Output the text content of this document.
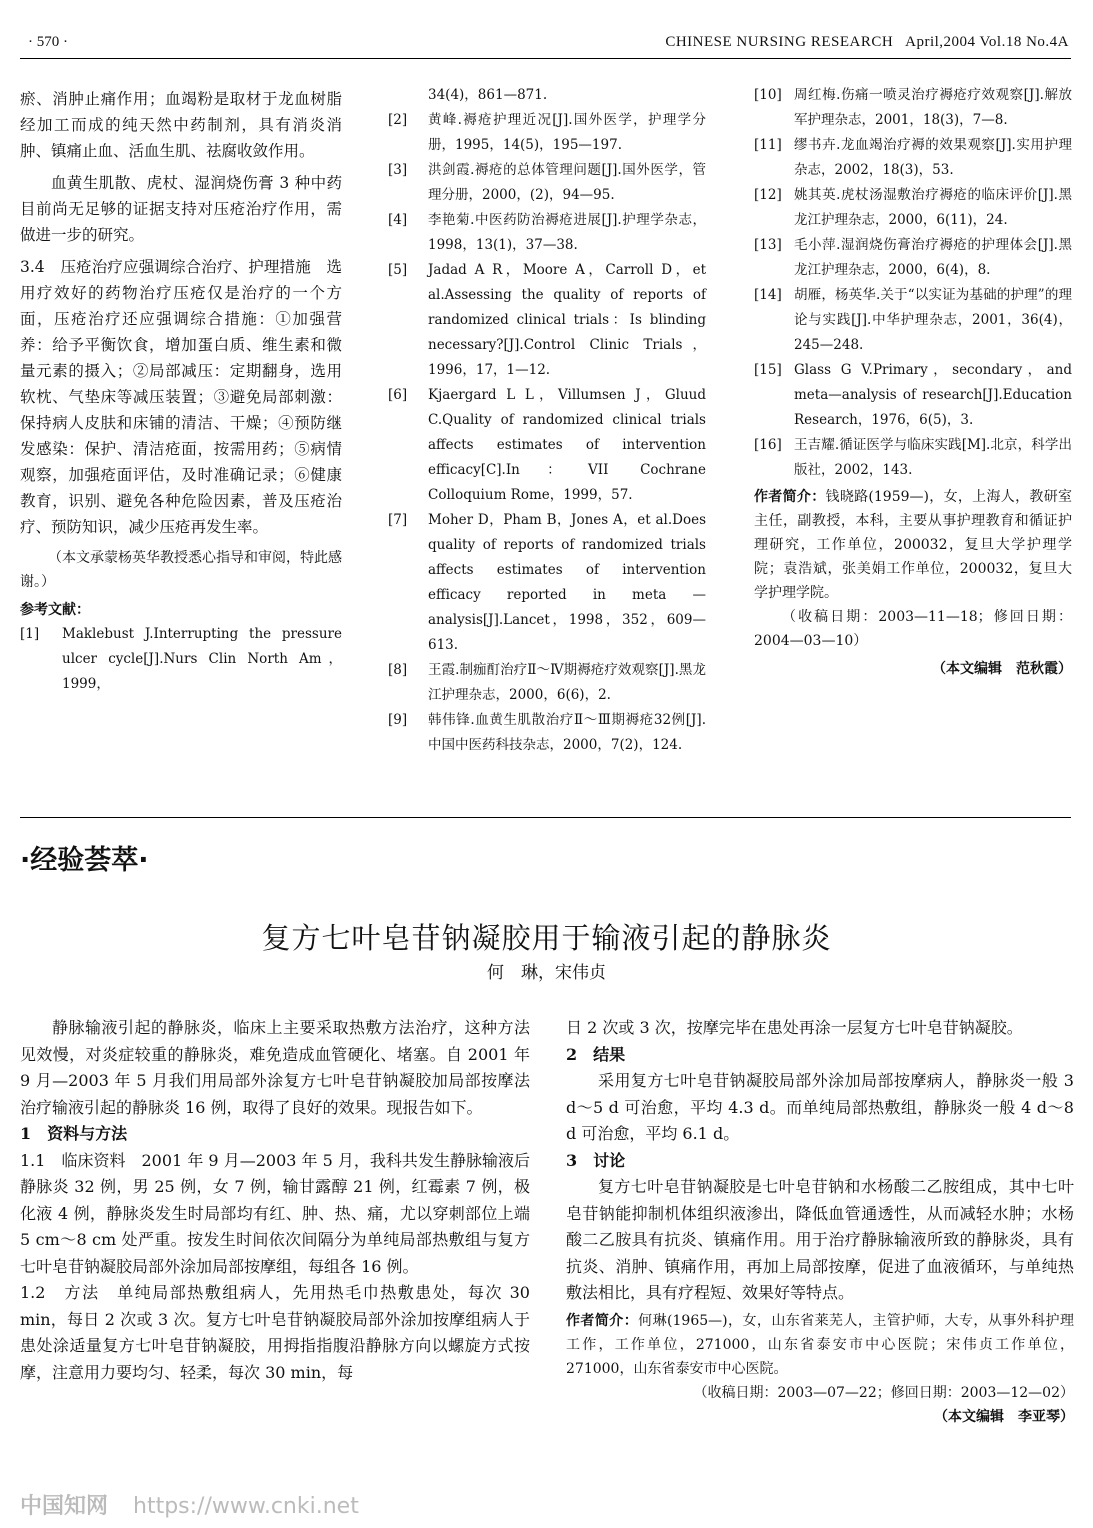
· 570 ·	CHINESE NURSING RESEARCH April,2004 Vol.18 No.4A

瘀、消肿止痛作用；血竭粉是取材于龙血树脂经加工而成的纯天然中药制剂，具有消炎消肿、镇痛止血、活血生肌、祛腐收敛作用。

血黄生肌散、虎杖、湿润烧伤膏 3 种中药目前尚无足够的证据支持对压疮治疗作用，需做进一步的研究。

3.4　压疮治疗应强调综合治疗、护理措施　选用疗效好的药物治疗压疮仅是治疗的一个方面，压疮治疗还应强调综合措施：①加强营养：给予平衡饮食，增加蛋白质、维生素和微量元素的摄入；②局部减压：定期翻身，选用软枕、气垫床等减压装置；③避免局部刺激：保持病人皮肤和床铺的清洁、干燥；④预防继发感染：保护、清洁疮面，按需用药；⑤病情观察，加强疮面评估，及时准确记录；⑥健康教育，识别、避免各种危险因素，普及压疮治疗、预防知识，减少压疮再发生率。

（本文承蒙杨英华教授悉心指导和审阅，特此感谢。）

参考文献：

[1] Maklebust J.Interrupting the pressure ulcer cycle[J].Nurs Clin North Am，1999，
34(4)，861—871.
[2] 黄峰.褥疮护理近况[J].国外医学，护理学分册，1995，14(5)，195—197.
[3] 洪剑霞.褥疮的总体管理问题[J].国外医学，管理分册，2000，(2)，94—95.
[4] 李艳菊.中医药防治褥疮进展[J].护理学杂志，1998，13(1)，37—38.
[5] Jadad A R，Moore A，Carroll D，et al.Assessing the quality of reports of randomized clinical trials：Is blinding necessary?[J].Control Clinic Trials，1996，17，1—12.
[6] Kjaergard L L，Villumsen J，Gluud C.Quality of randomized clinical trials affects estimates of intervention efficacy[C].In：VII Cochrane Colloquium Rome，1999，57.
[7] Moher D，Pham B，Jones A，et al.Does quality of reports of randomized trials affects estimates of intervention efficacy reported in meta — analysis[J].Lancet，1998，352，609—613.
[8] 王霞.制痂酊治疗Ⅱ～Ⅳ期褥疮疗效观察[J].黑龙江护理杂志，2000，6(6)，2.
[9] 韩伟锋.血黄生肌散治疗Ⅱ～Ⅲ期褥疮32例[J].中国中医药科技杂志，2000，7(2)，124.
[10] 周红梅.伤痛一喷灵治疗褥疮疗效观察[J].解放军护理杂志，2001，18(3)，7—8.
[11] 缪书卉.龙血竭治疗褥的效果观察[J].实用护理杂志，2002，18(3)，53.
[12] 姚其英.虎杖汤湿敷治疗褥疮的临床评价[J].黑龙江护理杂志，2000，6(11)，24.
[13] 毛小萍.湿润烧伤膏治疗褥疮的护理体会[J].黑龙江护理杂志，2000，6(4)，8.
[14] 胡雁，杨英华.关于“以实证为基础的护理”的理论与实践[J].中华护理杂志，2001，36(4)，245—248.
[15] Glass G V.Primary，secondary，and meta—analysis of research[J].Education Research，1976，6(5)，3.
[16] 王吉耀.循证医学与临床实践[M].北京，科学出版社，2002，143.

作者简介：钱晓路(1959—)，女，上海人，教研室主任，副教授，本科，主要从事护理教育和循证护理研究，工作单位，200032，复旦大学护理学院；袁浩斌，张美娟工作单位，200032，复旦大学护理学院。

（收稿日期：2003—11—18；修回日期：2004—03—10）

（本文编辑　范秋霞）

·经验荟萃·
复方七叶皂苷钠凝胶用于输液引起的静脉炎
何　琳，宋伟贞

静脉输液引起的静脉炎，临床上主要采取热敷方法治疗，这种方法见效慢，对炎症较重的静脉炎，难免造成血管硬化、堵塞。自 2001 年 9 月—2003 年 5 月我们用局部外涂复方七叶皂苷钠凝胶加局部按摩法治疗输液引起的静脉炎 16 例，取得了良好的效果。现报告如下。

1　资料与方法

1.1　临床资料　2001 年 9 月—2003 年 5 月，我科共发生静脉输液后静脉炎 32 例，男 25 例，女 7 例，输甘露醇 21 例，红霉素 7 例，极化液 4 例，静脉炎发生时局部均有红、肿、热、痛，尤以穿刺部位上端 5 cm～8 cm 处严重。按发生时间依次间隔分为单纯局部热敷组与复方七叶皂苷钠凝胶局部外涂加局部按摩组，每组各 16 例。

1.2　方法　单纯局部热敷组病人，先用热毛巾热敷患处，每次 30 min，每日 2 次或 3 次。复方七叶皂苷钠凝胶局部外涂加按摩组病人于患处涂适量复方七叶皂苷钠凝胶，用拇指指腹沿静脉方向以螺旋方式按摩，注意用力要均匀、轻柔，每次 30 min，每

日 2 次或 3 次，按摩完毕在患处再涂一层复方七叶皂苷钠凝胶。

2　结果

采用复方七叶皂苷钠凝胶局部外涂加局部按摩病人，静脉炎一般 3 d～5 d 可治愈，平均 4.3 d。而单纯局部热敷组，静脉炎一般 4 d～8 d 可治愈，平均 6.1 d。

3　讨论

复方七叶皂苷钠凝胶是七叶皂苷钠和水杨酸二乙胺组成，其中七叶皂苷钠能抑制机体组织液渗出，降低血管通透性，从而减轻水肿；水杨酸二乙胺具有抗炎、镇痛作用。用于治疗静脉输液所致的静脉炎，具有抗炎、消肿、镇痛作用，再加上局部按摩，促进了血液循环，与单纯热敷法相比，具有疗程短、效果好等特点。

作者简介：何琳(1965—)，女，山东省莱芜人，主管护师，大专，从事外科护理工作，工作单位，271000，山东省泰安市中心医院；宋伟贞工作单位，271000，山东省泰安市中心医院。

（收稿日期：2003—07—22；修回日期：2003—12—02）

（本文编辑　李亚琴）

中国知网 https://www.cnki.net
